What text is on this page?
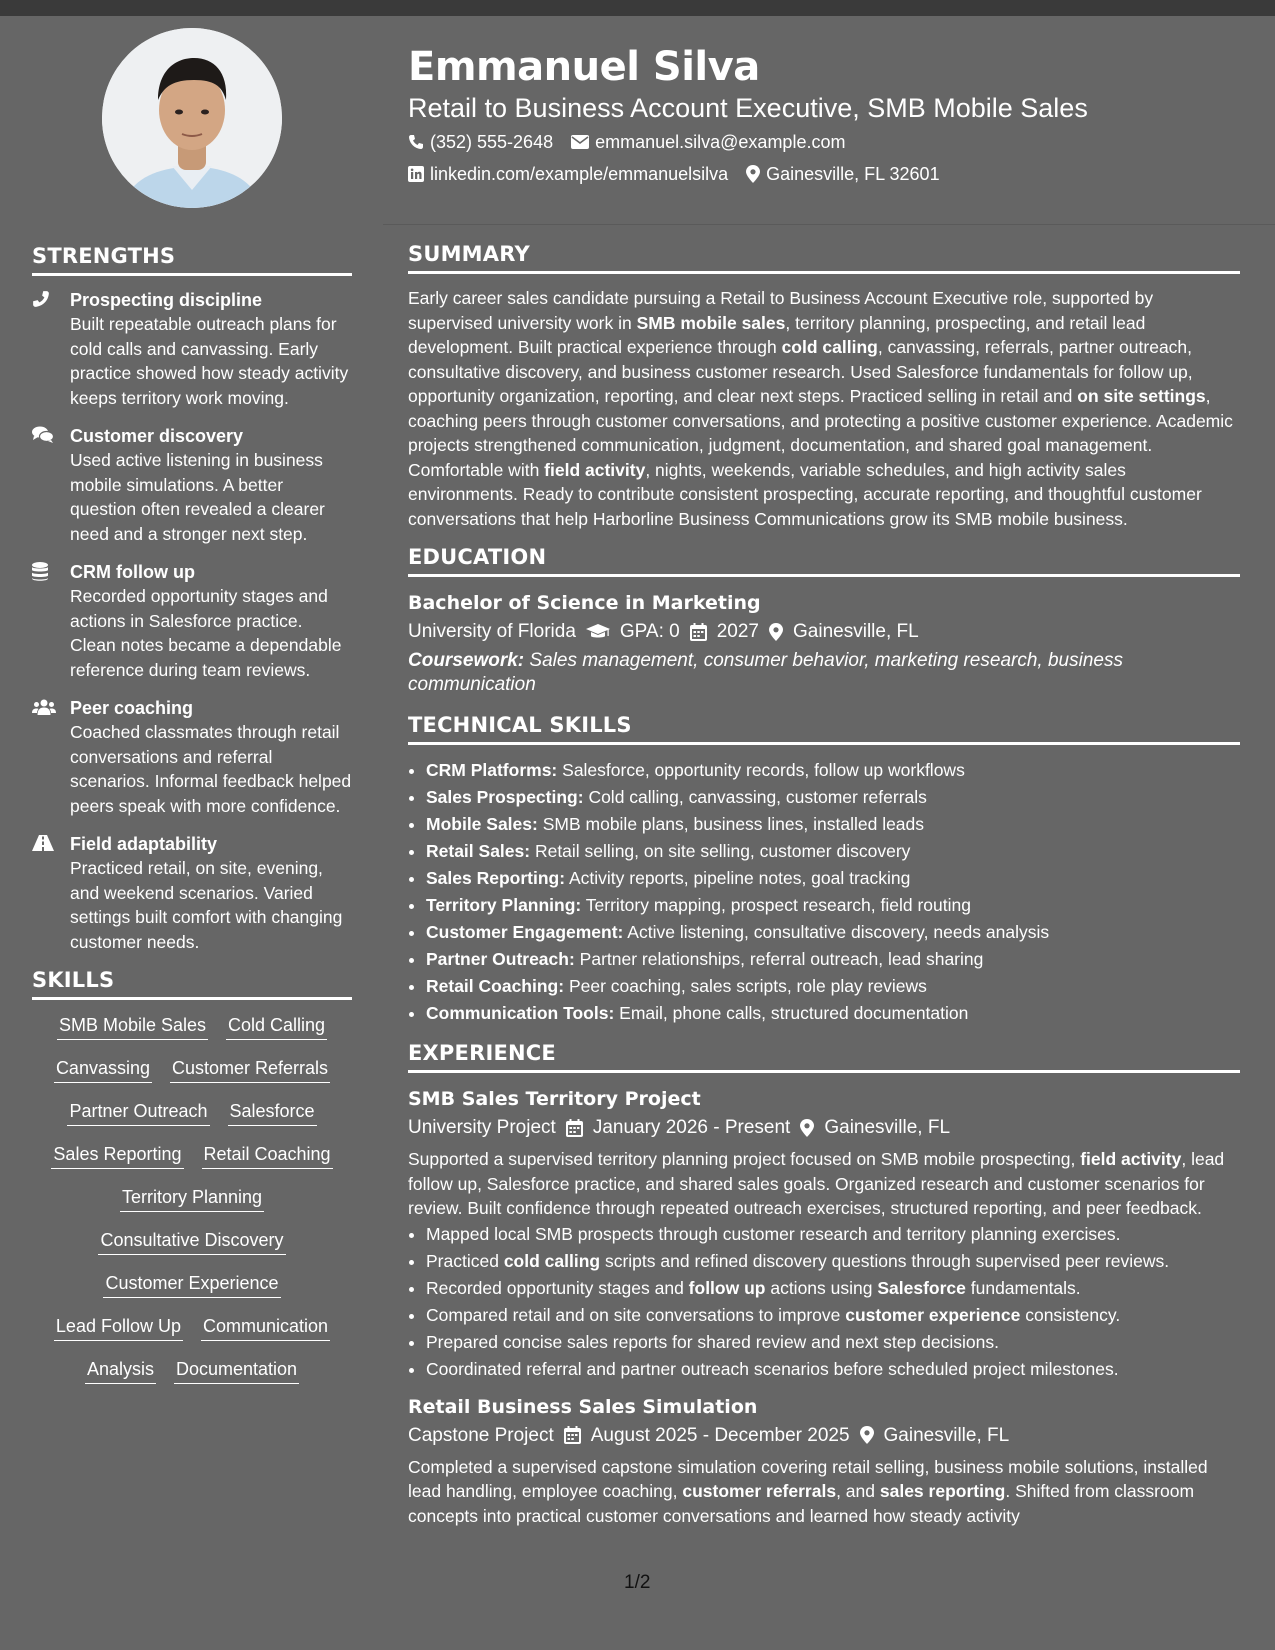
STRENGTHS
Prospecting discipline
Built repeatable outreach plans for cold calls and canvassing. Early practice showed how steady activity keeps territory work moving.
Customer discovery
Used active listening in business mobile simulations. A better question often revealed a clearer need and a stronger next step.
CRM follow up
Recorded opportunity stages and actions in Salesforce practice. Clean notes became a dependable reference during team reviews.
Peer coaching
Coached classmates through retail conversations and referral scenarios. Informal feedback helped peers speak with more confidence.
Field adaptability
Practiced retail, on site, evening, and weekend scenarios. Varied settings built comfort with changing customer needs.
SKILLS
SMB Mobile Sales Cold Calling
Canvassing Customer Referrals
Partner Outreach Salesforce
Sales Reporting Retail Coaching
Territory Planning
Consultative Discovery
Customer Experience
Lead Follow Up Communication
Analysis Documentation
Emmanuel Silva
Retail to Business Account Executive, SMB Mobile Sales
(352) 555-2648 emmanuel.silva@example.com
linkedin.com/example/emmanuelsilva Gainesville, FL 32601
SUMMARY
Early career sales candidate pursuing a Retail to Business Account Executive role, supported by supervised university work in SMB mobile sales, territory planning, prospecting, and retail lead development. Built practical experience through cold calling, canvassing, referrals, partner outreach, consultative discovery, and business customer research. Used Salesforce fundamentals for follow up, opportunity organization, reporting, and clear next steps. Practiced selling in retail and on site settings, coaching peers through customer conversations, and protecting a positive customer experience. Academic projects strengthened communication, judgment, documentation, and shared goal management. Comfortable with field activity, nights, weekends, variable schedules, and high activity sales environments. Ready to contribute consistent prospecting, accurate reporting, and thoughtful customer conversations that help Harborline Business Communications grow its SMB mobile business.
EDUCATION
Bachelor of Science in Marketing
University of Florida GPA: 0 2027 Gainesville, FL
Coursework: Sales management, consumer behavior, marketing research, business communication
TECHNICAL SKILLS
• CRM Platforms: Salesforce, opportunity records, follow up workflows
• Sales Prospecting: Cold calling, canvassing, customer referrals
• Mobile Sales: SMB mobile plans, business lines, installed leads
• Retail Sales: Retail selling, on site selling, customer discovery
• Sales Reporting: Activity reports, pipeline notes, goal tracking
• Territory Planning: Territory mapping, prospect research, field routing
• Customer Engagement: Active listening, consultative discovery, needs analysis
• Partner Outreach: Partner relationships, referral outreach, lead sharing
• Retail Coaching: Peer coaching, sales scripts, role play reviews
• Communication Tools: Email, phone calls, structured documentation
EXPERIENCE
SMB Sales Territory Project
University Project January 2026 - Present Gainesville, FL
Supported a supervised territory planning project focused on SMB mobile prospecting, field activity, lead follow up, Salesforce practice, and shared sales goals. Organized research and customer scenarios for review. Built confidence through repeated outreach exercises, structured reporting, and peer feedback.
• Mapped local SMB prospects through customer research and territory planning exercises.
• Practiced cold calling scripts and refined discovery questions through supervised peer reviews.
• Recorded opportunity stages and follow up actions using Salesforce fundamentals.
• Compared retail and on site conversations to improve customer experience consistency.
• Prepared concise sales reports for shared review and next step decisions.
• Coordinated referral and partner outreach scenarios before scheduled project milestones.
Retail Business Sales Simulation
Capstone Project August 2025 - December 2025 Gainesville, FL
Completed a supervised capstone simulation covering retail selling, business mobile solutions, installed lead handling, employee coaching, customer referrals, and sales reporting. Shifted from classroom concepts into practical customer conversations and learned how steady activity
1/2
